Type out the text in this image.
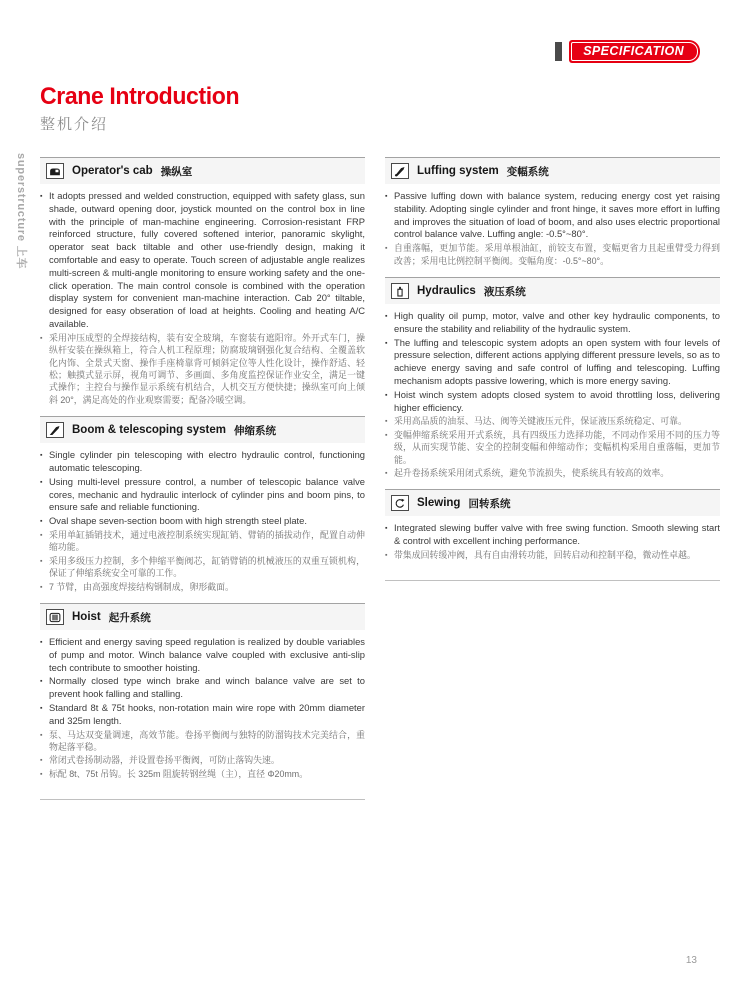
SPECIFICATION
Crane Introduction
整机介绍
superstructure 上车	Operator's cab 操纵室
▪ It adopts pressed and welded construction, equipped with safety glass, sun shade, outward opening door, joystick mounted on the control box in line with the principle of man-machine engineering. Corrosion-resistant FRP reinforced structure, fully covered softened interior, panoramic skylight, operator seat back tiltable and other use-friendly design, making it comfortable and easy to operate. Touch screen of adjustable angle realizes multi-screen & multi-angle monitoring to ensure working safety and the one-click operation. The main control console is combined with the operation display system for convenient man-machine interaction. Cab 20° tiltable, designed for easy obseration of load at heights. Cooling and heating A/C available.
▪ 采用冲压成型的全焊接结构，装有安全玻璃，车窗装有遮阳帘。外开式车门，操纵杆安装在操纵箱上，符合人机工程原理；防腐玻璃钢强化复合结构、全覆盖软化内饰、全景式天窗、操作手座椅靠背可倾斜定位等人性化设计，操作舒适、轻松；触摸式显示屏，视角可调节、多画面、多角度监控保证作业安全，满足一键式操作；主控台与操作显示系统有机结合，人机交互方便快捷；操纵室可向上倾斜 20°，满足高处的作业观察需要；配备冷暖空调。
Boom & telescoping system 伸缩系统
▪ Single cylinder pin telescoping with electro hydraulic control, functioning automatic telescoping.
▪ Using multi-level pressure control, a number of telescopic balance valve cores, mechanic and hydraulic interlock of cylinder pins and boom pins, to ensure safe and reliable functioning.
▪ Oval shape seven-section boom with high strength steel plate.
▪ 采用单缸插销技术，通过电液控制系统实现缸销、臂销的插拔动作，配置自动伸缩功能。
▪ 采用多级压力控制，多个伸缩平衡阀芯，缸销臂销的机械液压的双重互锁机构，保证了伸缩系统安全可靠的工作。
▪ 7 节臂，由高强度焊接结构钢制成，卵形截面。
Hoist 起升系统
▪ Efficient and energy saving speed regulation is realized by double variables of pump and motor. Winch balance valve coupled with exclusive anti-slip tech contribute to smoother hoisting.
▪ Normally closed type winch brake and winch balance valve are set to prevent hook falling and stalling.
▪ Standard 8t & 75t hooks, non-rotation main wire rope with 20mm diameter and 325m length.
▪ 泵、马达双变量调速，高效节能。卷扬平衡阀与独特的防溜钩技术完美结合，重物起落平稳。
▪ 常闭式卷扬制动器，并设置卷扬平衡阀，可防止落钩失速。
▪ 标配 8t、75t 吊钩。长 325m 阻旋转钢丝绳（主），直径 Φ20mm。
Luffing system 变幅系统
▪ Passive luffing down with balance system, reducing energy cost yet raising stability. Adopting single cylinder and front hinge, it saves more effort in luffing and improves the situation of load of boom, and also uses electric proportional control balance valve. Luffing angle: -0.5°~80°.
▪ 自重落幅，更加节能。采用单根油缸，前铰支布置，变幅更省力且起重臂受力得到改善；采用电比例控制平衡阀。变幅角度：-0.5°~80°。
Hydraulics 液压系统
▪ High quality oil pump, motor, valve and other key hydraulic components, to ensure the stability and reliability of the hydraulic system.
▪ The luffing and telescopic system adopts an open system with four levels of pressure selection, different actions applying different pressure levels, so as to achieve energy saving and safe control of luffing and telescoping. Luffing mechanism adopts passive lowering, which is more energy saving.
▪ Hoist winch system adopts closed system to avoid throttling loss, delivering higher efficiency.
▪ 采用高品质的油泵、马达、阀等关键液压元件，保证液压系统稳定、可靠。
▪ 变幅伸缩系统采用开式系统，具有四级压力选择功能，不同动作采用不同的压力等级，从而实现节能、安全的控制变幅和伸缩动作；变幅机构采用自重落幅，更加节能。
▪ 起升卷扬系统采用闭式系统，避免节流损失，使系统具有较高的效率。
Slewing 回转系统
▪ Integrated slewing buffer valve with free swing function. Smooth slewing start & control with excellent inching performance.
▪ 带集成回转缓冲阀，具有自由滑转功能，回转启动和控制平稳，微动性卓越。
13
